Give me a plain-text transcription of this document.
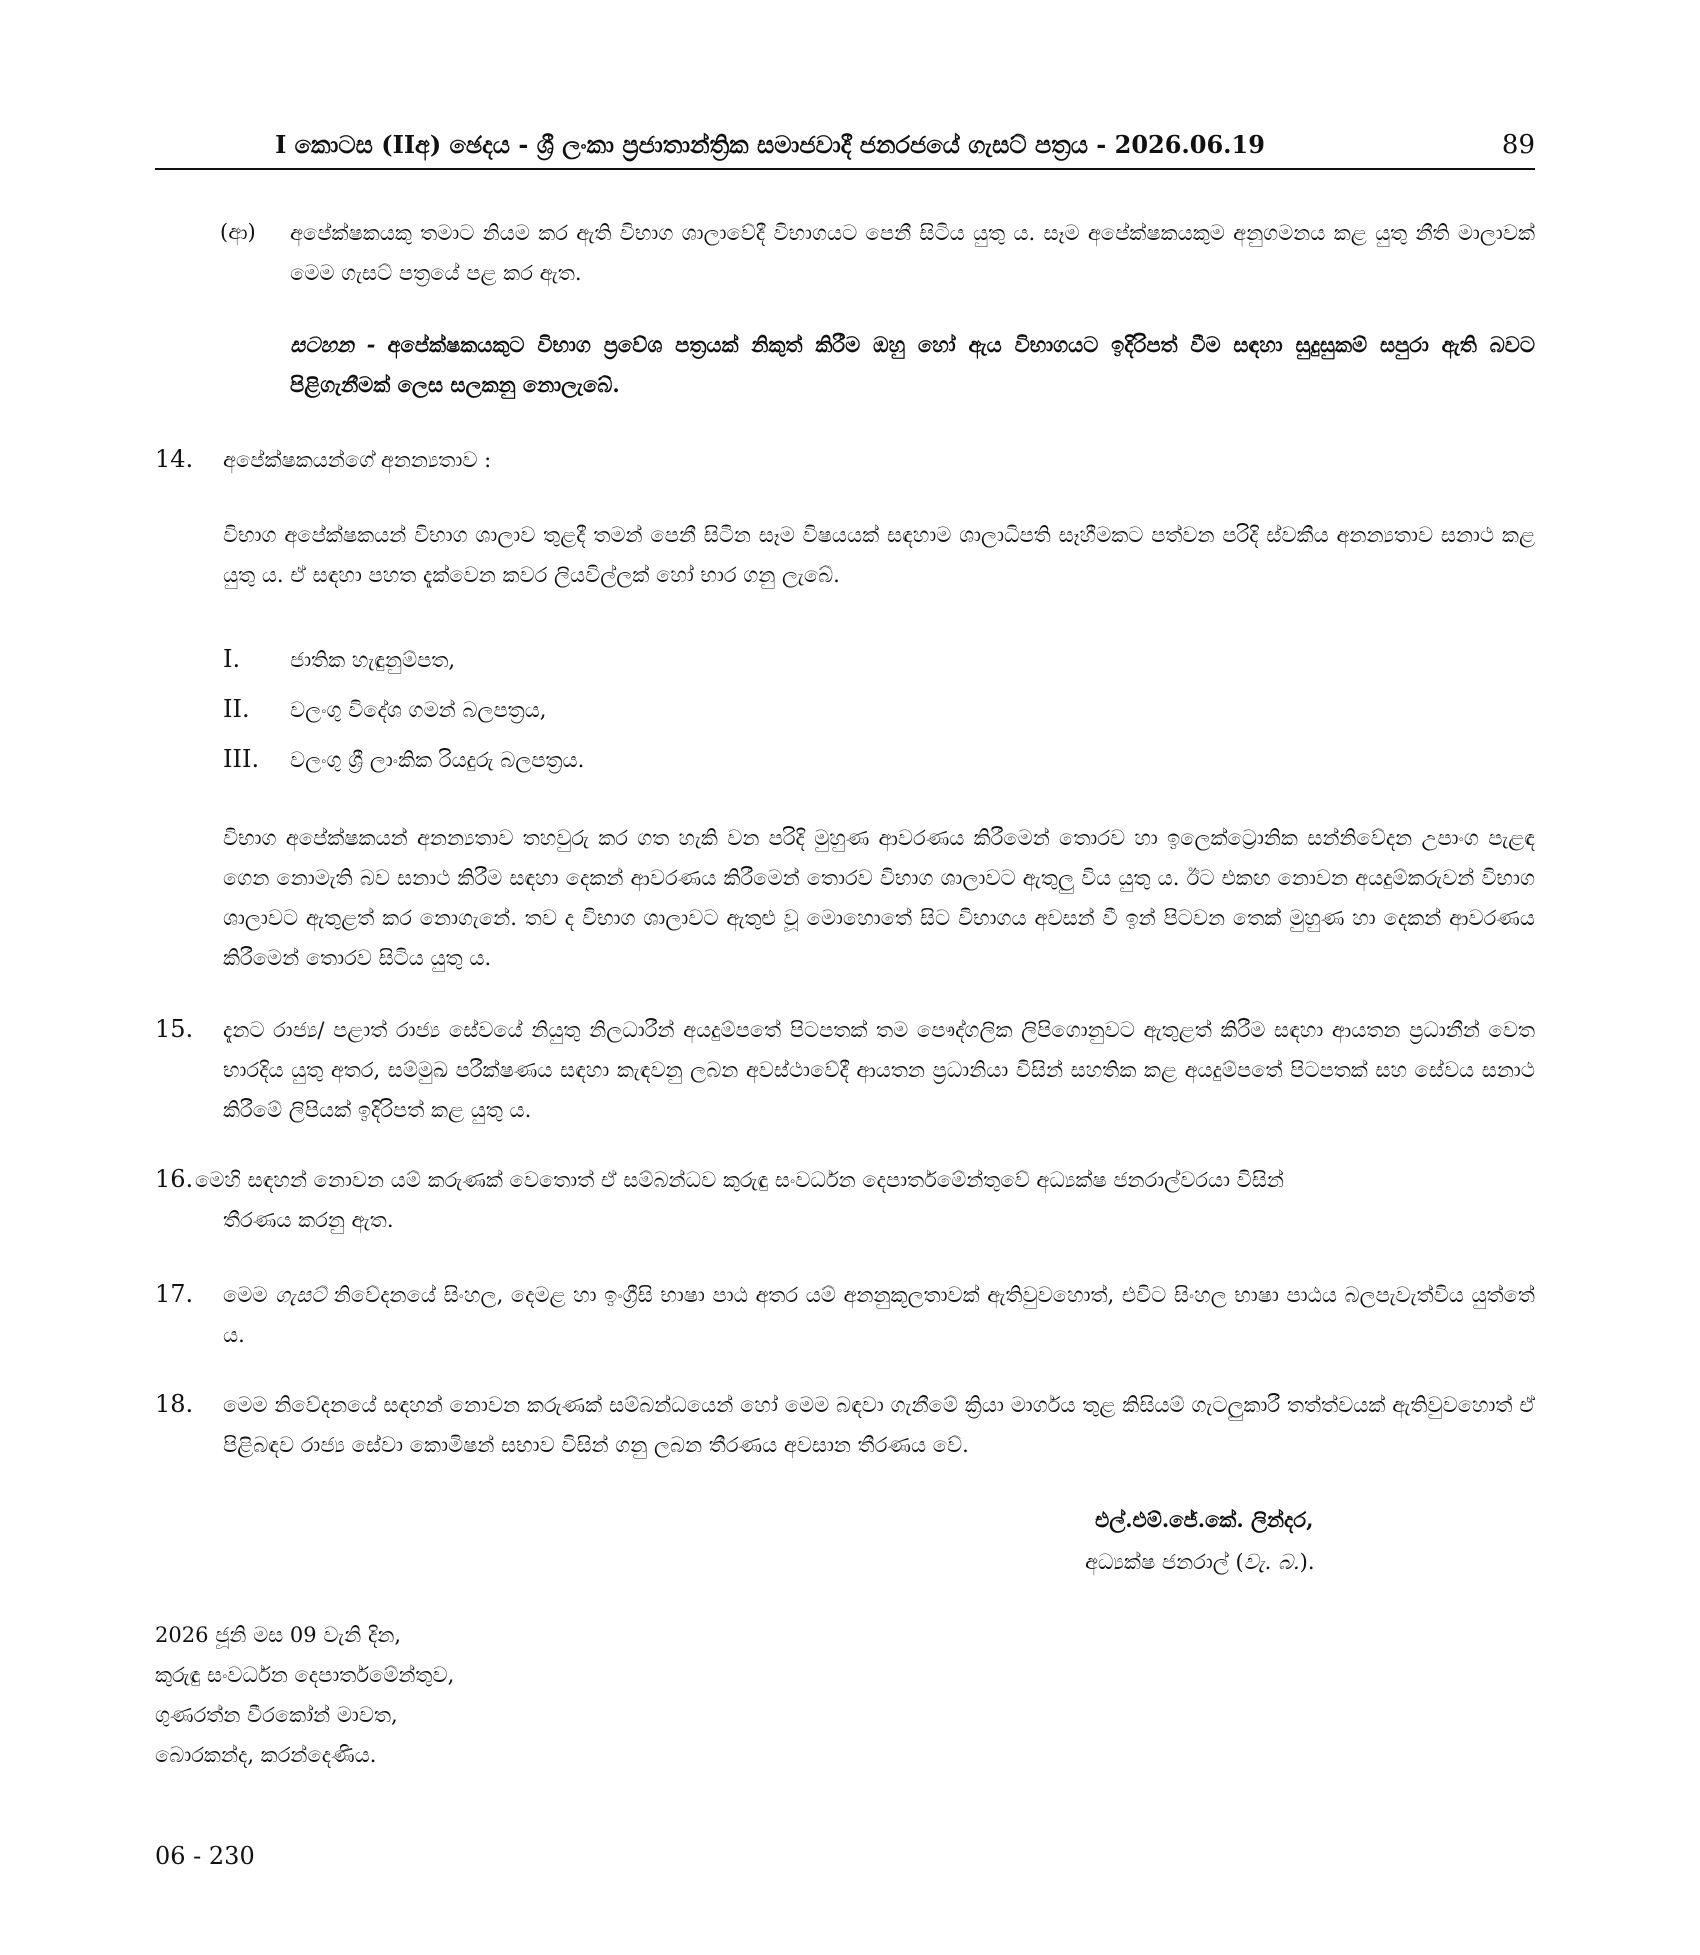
I කොටස (IIඅ) ඡෙදය - ශ්‍රී ලංකා ප්‍රජාතාන්ත්‍රික සමාජවාදී ජනරජයේ ගැසට් පත්‍රය - 2026.06.19	89
(ආ) අපේක්ෂකයකු තමාට නියම කර ඇති විභාග ශාලාවේදී විභාගයට පෙනී සිටිය යුතු ය. සෑම අපේක්ෂකයකුම අනුගමනය කළ යුතු නීති මාලාවක් මෙම ගැසට් පත්‍රයේ පළ කර ඇත.
සටහන - අපේක්ෂකයකුට විභාග ප්‍රවේශ පත්‍රයක් නිකුත් කිරීම ඔහු හෝ ඇය විභාගයට ඉදිරිපත් වීම සඳහා සුදුසුකම් සපුරා ඇති බවට පිළිගැනීමක් ලෙස සලකනු නොලැබේ.
14. අපේක්ෂකයන්ගේ අනන්‍යතාව :
විභාග අපේක්ෂකයන් විභාග ශාලාව තුළදී තමන් පෙනී සිටින සෑම විෂයයක් සඳහාම ශාලාධිපති සෑහීමකට පත්වන පරිදි ස්වකීය අනන්‍යතාව සනාථ කළ යුතු ය. ඒ සඳහා පහත දැක්වෙන කවර ලියවිල්ලක් හෝ භාර ගනු ලැබේ.
I. ජාතික හැඳුනුම්පත,
II. වලංගු විදේශ ගමන් බලපත්‍රය,
III. වලංගු ශ්‍රී ලාංකික රියදුරු බලපත්‍රය.
විභාග අපේක්ෂකයන් අනන්‍යතාව තහවුරු කර ගත හැකි වන පරිදි මුහුණ ආවරණය කිරීමෙන් තොරව හා ඉලෙක්ට්‍රොනික සන්නිවේදන උපාංග පැළඳ ගෙන නොමැති බව සනාථ කිරීම සඳහා දෙකන් ආවරණය කිරීමෙන් තොරව විභාග ශාලාවට ඇතුලු විය යුතු ය. ඊට එකඟ නොවන අයදුම්කරුවන් විභාග ශාලාවට ඇතුළත් කර නොගැනේ. තව ද විභාග ශාලාවට ඇතුළු වූ මොහොතේ සිට විභාගය අවසන් වී ඉන් පිටවන තෙක් මුහුණ හා දෙකන් ආවරණය කිරීමෙන් තොරව සිටිය යුතු ය.
15. දැනට රාජ්‍ය/ පළාත් රාජ්‍ය සේවයේ නියුතු නිලධාරීන් අයදුම්පතේ පිටපතක් තම පෞද්ගලික ලිපිගොනුවට ඇතුළත් කිරීම සඳහා ආයතන ප්‍රධානීන් වෙත භාරදිය යුතු අතර, සම්මුඛ පරීක්ෂණය සඳහා කැඳවනු ලබන අවස්ථාවේදී ආයතන ප්‍රධානියා විසින් සහතික කළ අයදුම්පතේ පිටපතක් සහ සේවය සනාථ කිරීමේ ලිපියක් ඉදිරිපත් කළ යුතු ය.
16. මෙහි සඳහන් නොවන යම් කරුණක් වෙතොත් ඒ සම්බන්ධව කුරුඳු සංවර්ධන දෙපාර්තමේන්තුවේ අධ්‍යක්ෂ ජනරාල්වරයා විසින්
තීරණය කරනු ඇත.
17. මෙම ගැසට් නිවේදනයේ සිංහල, දෙමළ හා ඉංග්‍රීසි භාෂා පාඨ අතර යම් අනනුකූලතාවක් ඇතිවුවහොත්, එවිට සිංහල භාෂා පාඨය බලපැවැත්විය යුත්තේ ය.
18. මෙම නිවේදනයේ සඳහන් නොවන කරුණක් සම්බන්ධයෙන් හෝ මෙම බඳවා ගැනීමේ ක්‍රියා මාර්ගය තුළ කිසියම් ගැටලුකාරී තත්ත්වයක් ඇතිවුවහොත් ඒ පිළිබඳව රාජ්‍ය සේවා කොමිෂන් සභාව විසින් ගනු ලබන තීරණය අවසාන තීරණය වේ.
එල්.එම්.ජේ.කේ. ලින්දර,
අධ්‍යක්ෂ ජනරාල් (වැ. බ.).
2026 ජූනි මස 09 වැනි දින,
කුරුඳු සංවර්ධන දෙපාර්තමේන්තුව,
ගුණරත්න වීරකෝන් මාවත,
බොරකන්ද, කරන්දෙණිය.
06 - 230
